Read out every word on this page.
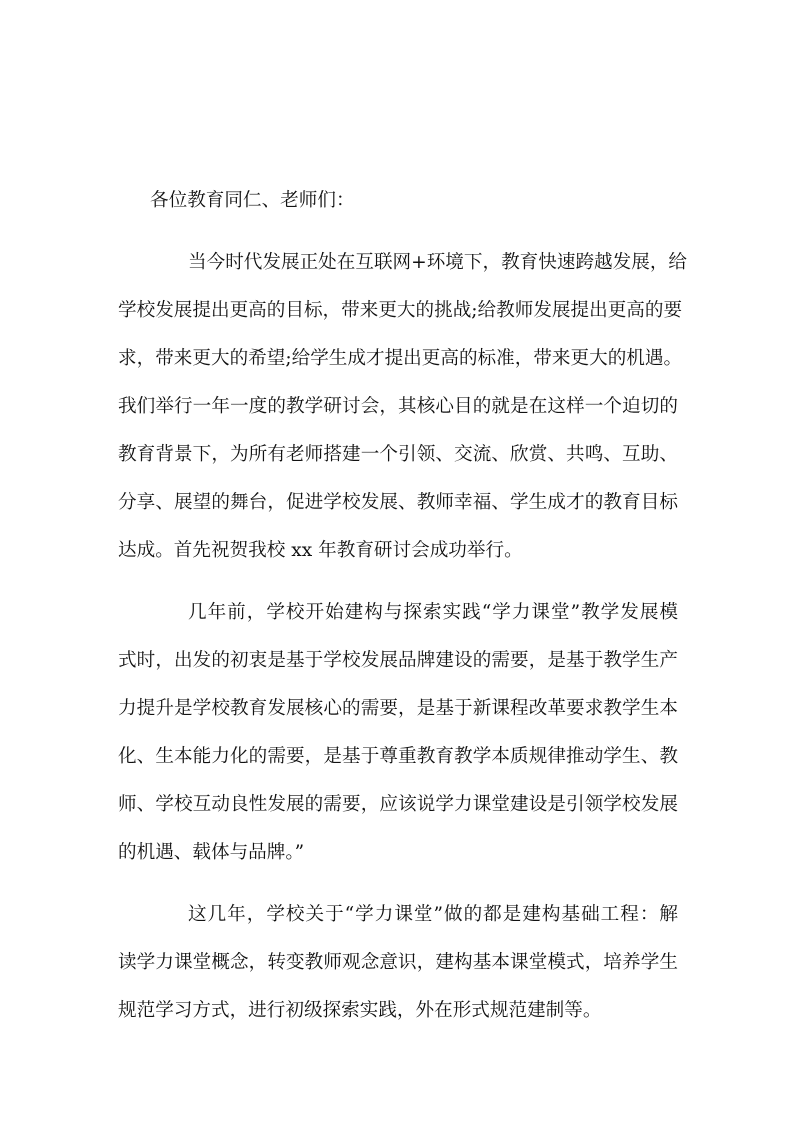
各位教育同仁、老师们：
当今时代发展正处在互联网+环境下，教育快速跨越发展，给
学校发展提出更高的目标，带来更大的挑战;给教师发展提出更高的要
求，带来更大的希望;给学生成才提出更高的标准，带来更大的机遇。
我们举行一年一度的教学研讨会，其核心目的就是在这样一个迫切的
教育背景下，为所有老师搭建一个引领、交流、欣赏、共鸣、互助、
分享、展望的舞台，促进学校发展、教师幸福、学生成才的教育目标
达成。首先祝贺我校 xx 年教育研讨会成功举行。
几年前，学校开始建构与探索实践“学力课堂”教学发展模
式时，出发的初衷是基于学校发展品牌建设的需要，是基于教学生产
力提升是学校教育发展核心的需要，是基于新课程改革要求教学生本
化、生本能力化的需要，是基于尊重教育教学本质规律推动学生、教
师、学校互动良性发展的需要，应该说学力课堂建设是引领学校发展
的机遇、载体与品牌。”
这几年，学校关于“学力课堂”做的都是建构基础工程：解
读学力课堂概念，转变教师观念意识，建构基本课堂模式，培养学生
规范学习方式，进行初级探索实践，外在形式规范建制等。
